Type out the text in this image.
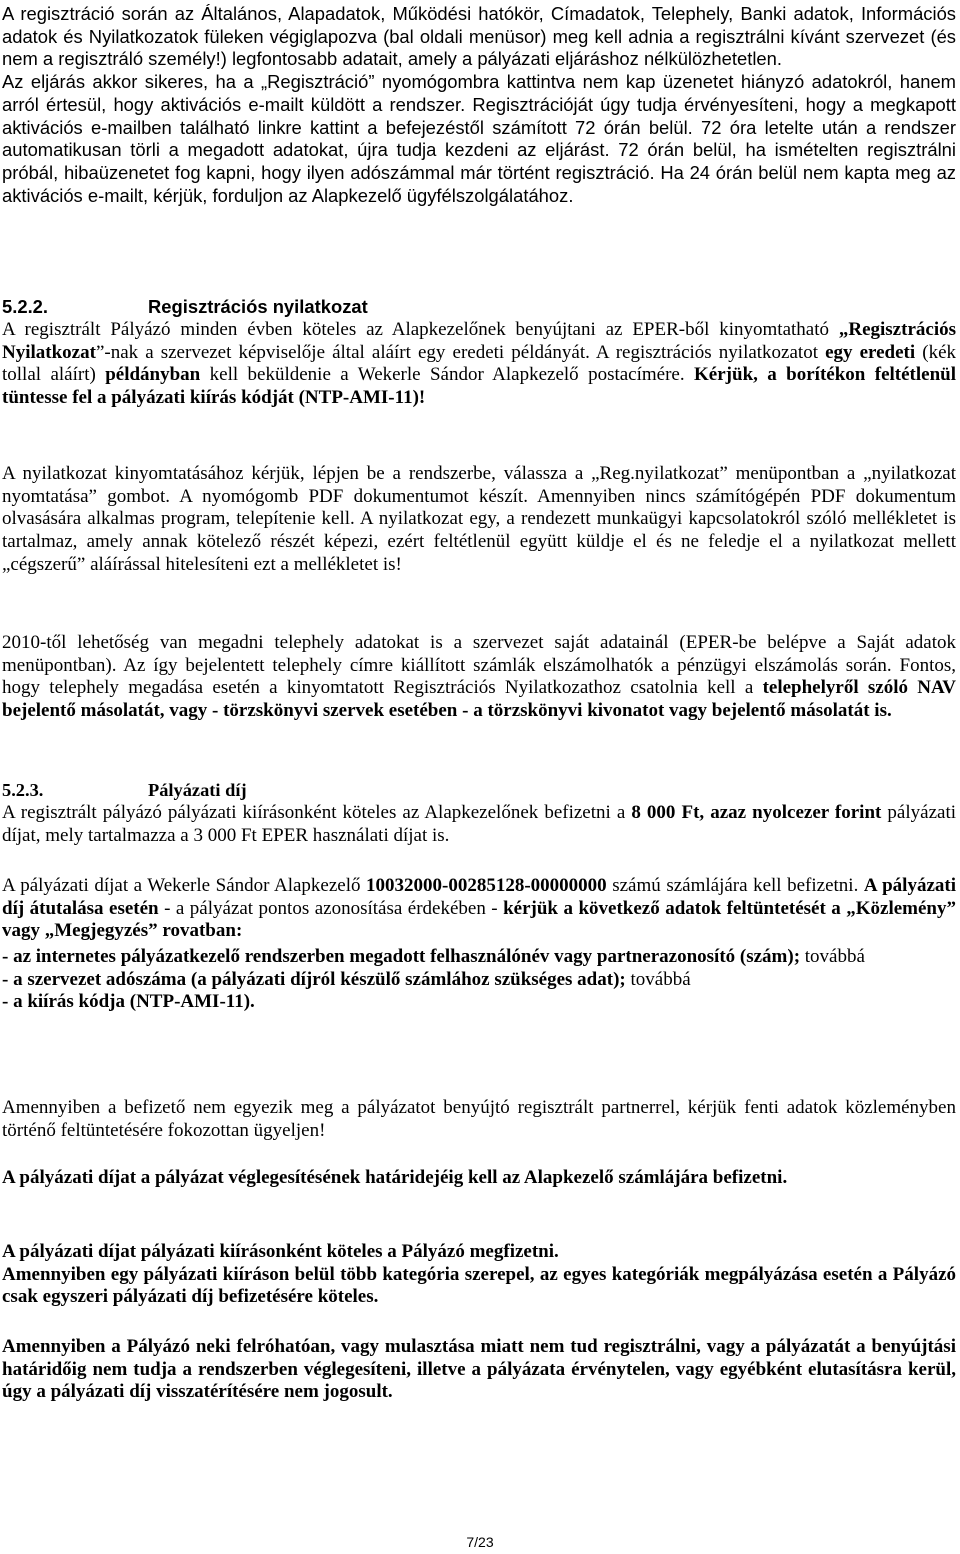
A regisztráció során az Általános, Alapadatok, Működési hatókör, Címadatok, Telephely, Banki adatok, Információs adatok és Nyilatkozatok füleken végiglapozva (bal oldali menüsor) meg kell adnia a regisztrálni kívánt szervezet (és nem a regisztráló személy!) legfontosabb adatait, amely a pályázati eljáráshoz nélkülözhetetlen.
Az eljárás akkor sikeres, ha a „Regisztráció” nyomógombra kattintva nem kap üzenetet hiányzó adatokról, hanem arról értesül, hogy aktivációs e-mailt küldött a rendszer. Regisztrációját úgy tudja érvényesíteni, hogy a megkapott aktivációs e-mailben található linkre kattint a befejezéstől számított 72 órán belül. 72 óra letelte után a rendszer automatikusan törli a megadott adatokat, újra tudja kezdeni az eljárást. 72 órán belül, ha ismételten regisztrálni próbál, hibaüzenetet fog kapni, hogy ilyen adószámmal már történt regisztráció. Ha 24 órán belül nem kapta meg az aktivációs e-mailt, kérjük, forduljon az Alapkezelő ügyfélszolgálatához.

5.2.2.	Regisztrációs nyilatkozat

A regisztrált Pályázó minden évben köteles az Alapkezelőnek benyújtani az EPER-ből kinyomtatható „Regisztrációs Nyilatkozat”-nak a szervezet képviselője által aláírt egy eredeti példányát. A regisztrációs nyilatkozatot egy eredeti (kék tollal aláírt) példányban kell beküldenie a Wekerle Sándor Alapkezelő postacímére. Kérjük, a borítékon feltétlenül tüntesse fel a pályázati kiírás kódját (NTP-AMI-11)!

A nyilatkozat kinyomtatásához kérjük, lépjen be a rendszerbe, válassza a „Reg.nyilatkozat” menüpontban a „nyilatkozat nyomtatása” gombot. A nyomógomb PDF dokumentumot készít. Amennyiben nincs számítógépén PDF dokumentum olvasására alkalmas program, telepítenie kell. A nyilatkozat egy, a rendezett munkaügyi kapcsolatokról szóló mellékletet is tartalmaz, amely annak kötelező részét képezi, ezért feltétlenül együtt küldje el és ne feledje el a nyilatkozat mellett „cégszerű” aláírással hitelesíteni ezt a mellékletet is!

2010-től lehetőség van megadni telephely adatokat is a szervezet saját adatainál (EPER-be belépve a Saját adatok menüpontban). Az így bejelentett telephely címre kiállított számlák elszámolhatók a pénzügyi elszámolás során. Fontos, hogy telephely megadása esetén a kinyomtatott Regisztrációs Nyilatkozathoz csatolnia kell a telephelyről szóló NAV bejelentő másolatát, vagy - törzskönyvi szervek esetében - a törzskönyvi kivonatot vagy bejelentő másolatát is.

5.2.3.	Pályázati díj

A regisztrált pályázó pályázati kiírásonként köteles az Alapkezelőnek befizetni a 8 000 Ft, azaz nyolcezer forint pályázati díjat, mely tartalmazza a 3 000 Ft EPER használati díjat is.

A pályázati díjat a Wekerle Sándor Alapkezelő 10032000-00285128-00000000 számú számlájára kell befizetni. A pályázati díj átutalása esetén - a pályázat pontos azonosítása érdekében - kérjük a következő adatok feltüntetését a „Közlemény” vagy „Megjegyzés” rovatban:

- az internetes pályázatkezelő rendszerben megadott felhasználónév vagy partnerazonosító (szám); továbbá
- a szervezet adószáma (a pályázati díjról készülő számlához szükséges adat); továbbá
- a kiírás kódja (NTP-AMI-11).

Amennyiben a befizető nem egyezik meg a pályázatot benyújtó regisztrált partnerrel, kérjük fenti adatok közleményben történő feltüntetésére fokozottan ügyeljen!

A pályázati díjat a pályázat véglegesítésének határidejéig kell az Alapkezelő számlájára befizetni.

A pályázati díjat pályázati kiírásonként köteles a Pályázó megfizetni.
Amennyiben egy pályázati kiíráson belül több kategória szerepel, az egyes kategóriák megpályázása esetén a Pályázó csak egyszeri pályázati díj befizetésére köteles.

Amennyiben a Pályázó neki felróhatóan, vagy mulasztása miatt nem tud regisztrálni, vagy a pályázatát a benyújtási határidőig nem tudja a rendszerben véglegesíteni, illetve a pályázata érvénytelen, vagy egyébként elutasításra kerül, úgy a pályázati díj visszatérítésére nem jogosult.

7/23
